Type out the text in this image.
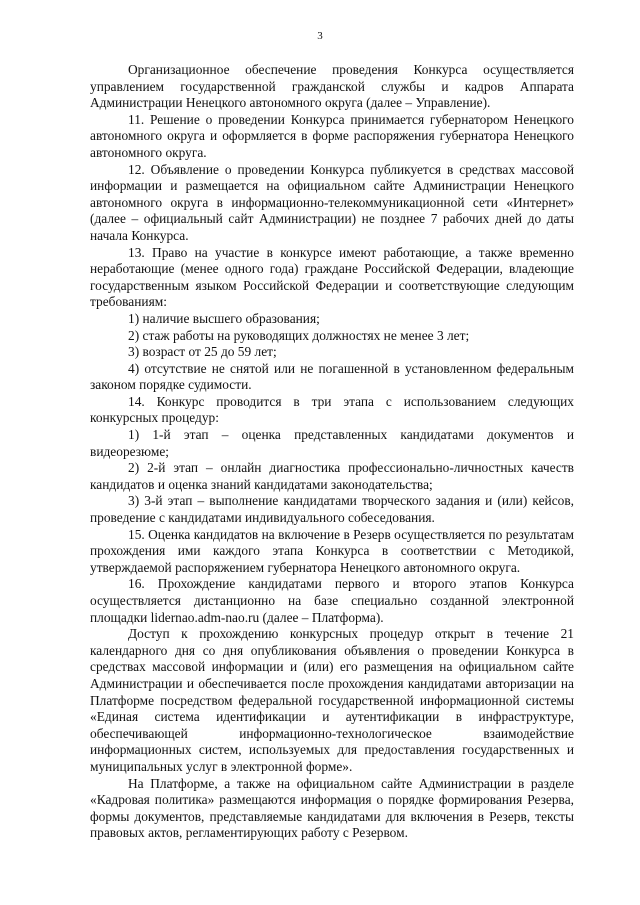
3

Организационное обеспечение проведения Конкурса осуществляется управлением государственной гражданской службы и кадров Аппарата Администрации Ненецкого автономного округа (далее – Управление).

11. Решение о проведении Конкурса принимается губернатором Ненецкого автономного округа и оформляется в форме распоряжения губернатора Ненецкого автономного округа.

12. Объявление о проведении Конкурса публикуется в средствах массовой информации и размещается на официальном сайте Администрации Ненецкого автономного округа в информационно-телекоммуникационной сети «Интернет» (далее – официальный сайт Администрации) не позднее 7 рабочих дней до даты начала Конкурса.

13. Право на участие в конкурсе имеют работающие, а также временно неработающие (менее одного года) граждане Российской Федерации, владеющие государственным языком Российской Федерации и соответствующие следующим требованиям:

1) наличие высшего образования;

2) стаж работы на руководящих должностях не менее 3 лет;

3) возраст от 25 до 59 лет;

4) отсутствие не снятой или не погашенной в установленном федеральным законом порядке судимости.

14. Конкурс проводится в три этапа с использованием следующих конкурсных процедур:

1) 1-й этап – оценка представленных кандидатами документов и видеорезюме;

2) 2-й этап – онлайн диагностика профессионально-личностных качеств кандидатов и оценка знаний кандидатами законодательства;

3) 3-й этап – выполнение кандидатами творческого задания и (или) кейсов, проведение с кандидатами индивидуального собеседования.

15. Оценка кандидатов на включение в Резерв осуществляется по результатам прохождения ими каждого этапа Конкурса в соответствии с Методикой, утверждаемой распоряжением губернатора Ненецкого автономного округа.

16. Прохождение кандидатами первого и второго этапов Конкурса осуществляется дистанционно на базе специально созданной электронной площадки lidernao.adm-nao.ru (далее – Платформа).

Доступ к прохождению конкурсных процедур открыт в течение 21 календарного дня со дня опубликования объявления о проведении Конкурса в средствах массовой информации и (или) его размещения на официальном сайте Администрации и обеспечивается после прохождения кандидатами авторизации на Платформе посредством федеральной государственной информационной системы «Единая система идентификации и аутентификации в инфраструктуре, обеспечивающей информационно-технологическое взаимодействие информационных систем, используемых для предоставления государственных и муниципальных услуг в электронной форме».

На Платформе, а также на официальном сайте Администрации в разделе «Кадровая политика» размещаются информация о порядке формирования Резерва, формы документов, представляемые кандидатами для включения в Резерв, тексты правовых актов, регламентирующих работу с Резервом.
